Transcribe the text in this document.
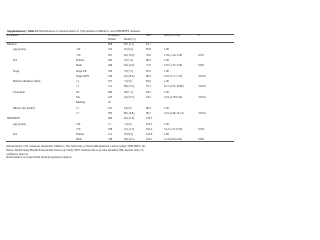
Supplementary Table S1 Distributions of characteristics of CM patients in MDACC and NHS/HPFS datasets.
Parameter	Frequency	MFT	HR (95% CI)a	P
Patient	Death (%)
MDACC	858	95 (11.1)	81.1
Age (years)	≤50	374	35 (9.4)	85.8	1.00
>50	447	64 (13.3)	79.0	1.29 (1.10-1.59)	0.017
Sex	Female	445	33 (7.4)	86.4	1.00
Male	496	64 (12.9)	77.6	2.07 (1.35-3.20)	0.001
Stage	Stage I/II	709	53 (7.5)	85.2	1.00
Stage III/IV	149	42 (28.2)	60.9	4.70 (3.17-7.13)	<0.001
Breslow thickness (mm)	≤1	167	7 (2.0)	85.0	1.00
>1	511	88 (17.2)	79.1	9.17 (4.25-19.80)	<0.001
Ulceration	No	685	48 (7.1)	84.5	1.00
Yes	165	42 (25.7)	64.5	4.19 (2.78-6.32)	<0.001
Missing	22
Mitotic rate (/mm²)	≤1	275	8 (2.9)	86.0	1.00
>1	583	86 (14.8)	80.7	5.01 (2.48-10.13)	<0.001
NHS/HPFS	409	46 (11.2)	179.3
Age (years)	≤50	51	5 (4.2)	162.5	1.00
>50	358	41 (11.5)	181.2	3.12 (1.17-8.33)	0.023
Sex	Female	211	18 (8.5)	212.8	1.00
Male	198	28 (14.1)	165.3	1.14 (0.64-2.02)	0.661
Abbreviations: CM, cutaneous melanoma; MDACC, The University of Texas MD Anderson Cancer Center; NHS/HPFS, the
Nurses' Health Study/Health Professionals Follow-up Study; MFT, median follow-up time (months); HR, hazards ratio; CI,
confidence interval.
aUnivariable Cox proportional hazards regression analysis
